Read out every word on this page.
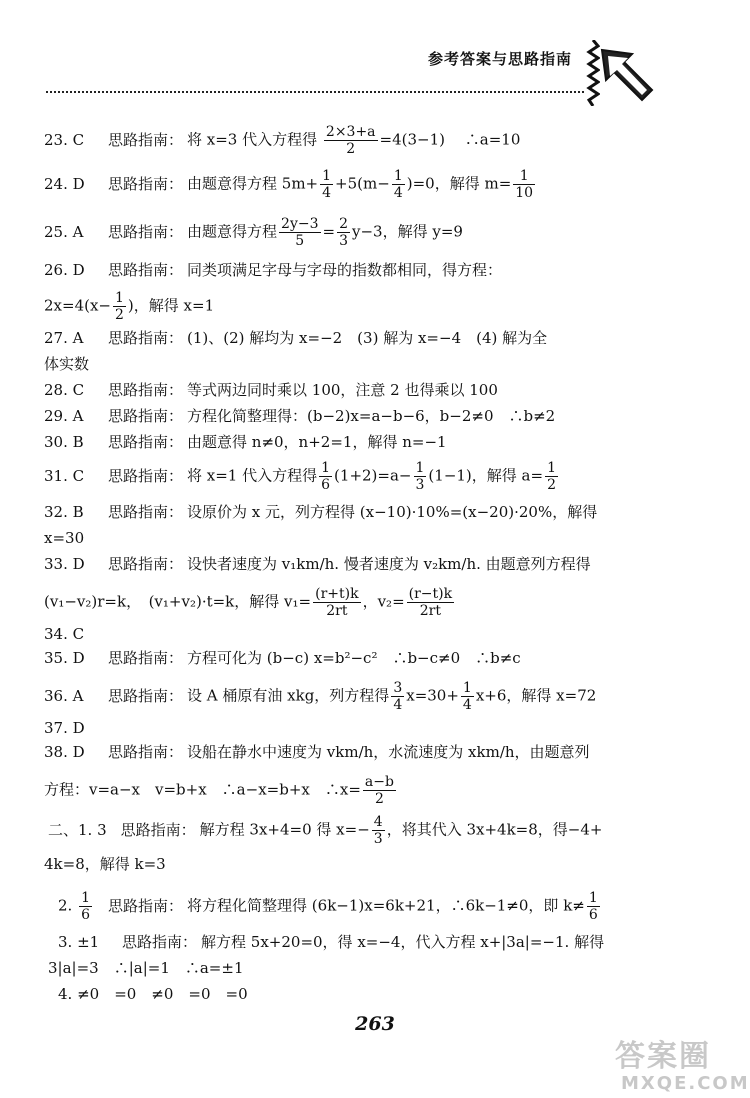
参考答案与思路指南
23. C 思路指南： 将 x=3 代入方程得 $\frac{2\times 3+a}{2} =4(3-1)$　 ∴a=10
24. D 思路指南： 由题意得方程 $5m+ \frac{1}{4} +5(m- \frac{1}{4} )=0$，解得 $m= \frac{1}{10}$
25. A 思路指南： 由题意得方程 $\frac{2y-3}{5} = \frac{2}{3} y-3$，解得 y=9
26. D 思路指南： 同类项满足字母与字母的指数都相同，得方程：
$2x=4(x- \frac{1}{2}$ )，解得 x=1
27. A 思路指南： (1)、(2) 解均为 x=−2　(3) 解为 x=−4　(4) 解为全
体实数
28. C 思路指南： 等式两边同时乘以 100，注意 2 也得乘以 100
29. A 思路指南： 方程化简整理得：(b−2)x=a−b−6，b−2≠0　∴b≠2
30. B 思路指南： 由题意得 n≠0，n+2=1，解得 n=−1
31. C 思路指南： 将 x=1 代入方程得 $\frac{1}{6} (1+2)=a- \frac{1}{3} (1-1)$，解得 $a= \frac{1}{2}$
32. B 思路指南： 设原价为 x 元，列方程得 (x−10)·10%=(x−20)·20%，解得
x=30
33. D 思路指南： 设快者速度为 v₁km/h. 慢者速度为 v₂km/h. 由题意列方程得
(v₁−v₂)r=k，　(v₁+v₂)·t=k，解得 $v_1= \frac{(r+t)k}{2rt}$ ，$v_2= \frac{(r-t)k}{2rt}$
34. C
35. D 思路指南： 方程可化为 (b−c) x=b²−c²　∴b−c≠0　∴b≠c
36. A 思路指南： 设 A 桶原有油 xkg，列方程得 $\frac{3}{4} x=30+ \frac{1}{4} x+6$，解得 x=72
37. D
38. D 思路指南： 设船在静水中速度为 vkm/h，水流速度为 xkm/h，由题意列
方程：v=a−x　v=b+x　∴a−x=b+x　∴x= $\frac{a-b}{2}$
二、1. 3 思路指南： 解方程 3x+4=0 得 $x=- \frac{4}{3}$ ，将其代入 3x+4k=8，得−4+
4k=8，解得 k=3
2. $\frac{1}{6}$ 思路指南： 将方程化简整理得 (6k−1)x=6k+21，∴6k−1≠0，即 $k\ne \frac{1}{6}$
3. ±1 思路指南： 解方程 5x+20=0，得 x=−4，代入方程 x+|3a|=−1. 解得
3|a|=3　∴|a|=1　∴a=±1
4. ≠0　=0　≠0　=0　=0
263
答案圈
MXQE.COM
